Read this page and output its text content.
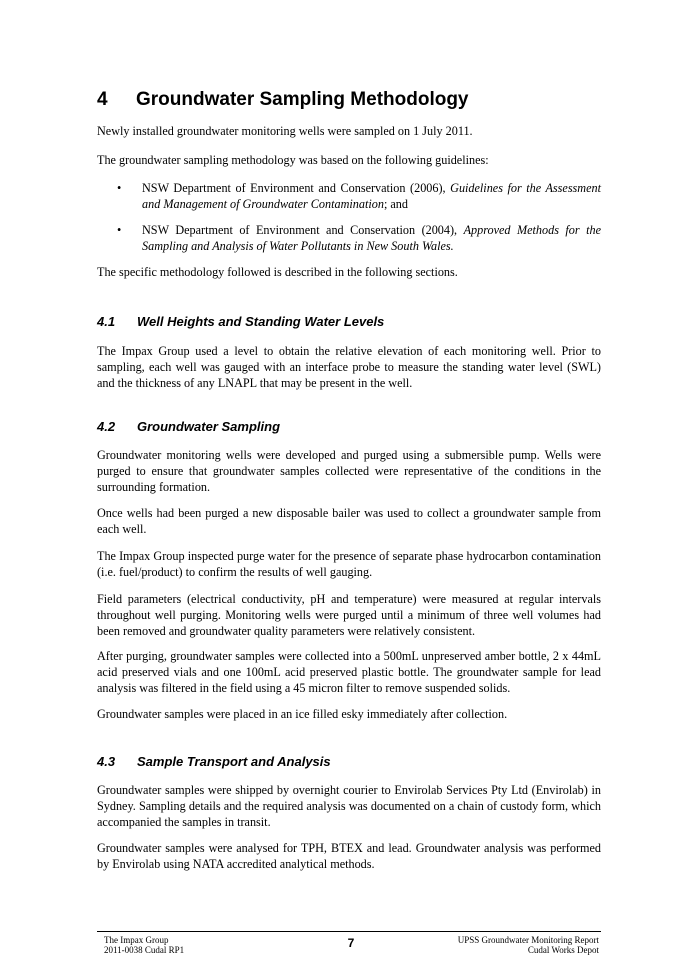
4 Groundwater Sampling Methodology

Newly installed groundwater monitoring wells were sampled on 1 July 2011.

The groundwater sampling methodology was based on the following guidelines:

• NSW Department of Environment and Conservation (2006), Guidelines for the Assessment and Management of Groundwater Contamination; and

• NSW Department of Environment and Conservation (2004), Approved Methods for the Sampling and Analysis of Water Pollutants in New South Wales.

The specific methodology followed is described in the following sections.

4.1 Well Heights and Standing Water Levels

The Impax Group used a level to obtain the relative elevation of each monitoring well. Prior to sampling, each well was gauged with an interface probe to measure the standing water level (SWL) and the thickness of any LNAPL that may be present in the well.

4.2 Groundwater Sampling

Groundwater monitoring wells were developed and purged using a submersible pump. Wells were purged to ensure that groundwater samples collected were representative of the conditions in the surrounding formation.

Once wells had been purged a new disposable bailer was used to collect a groundwater sample from each well.

The Impax Group inspected purge water for the presence of separate phase hydrocarbon contamination (i.e. fuel/product) to confirm the results of well gauging.

Field parameters (electrical conductivity, pH and temperature) were measured at regular intervals throughout well purging. Monitoring wells were purged until a minimum of three well volumes had been removed and groundwater quality parameters were relatively consistent.

After purging, groundwater samples were collected into a 500mL unpreserved amber bottle, 2 x 44mL acid preserved vials and one 100mL acid preserved plastic bottle. The groundwater sample for lead analysis was filtered in the field using a 45 micron filter to remove suspended solids.

Groundwater samples were placed in an ice filled esky immediately after collection.

4.3 Sample Transport and Analysis

Groundwater samples were shipped by overnight courier to Envirolab Services Pty Ltd (Envirolab) in Sydney. Sampling details and the required analysis was documented on a chain of custody form, which accompanied the samples in transit.

Groundwater samples were analysed for TPH, BTEX and lead. Groundwater analysis was performed by Envirolab using NATA accredited analytical methods.

The Impax Group
2011-0038 Cudal RP1	7	UPSS Groundwater Monitoring Report
Cudal Works Depot
